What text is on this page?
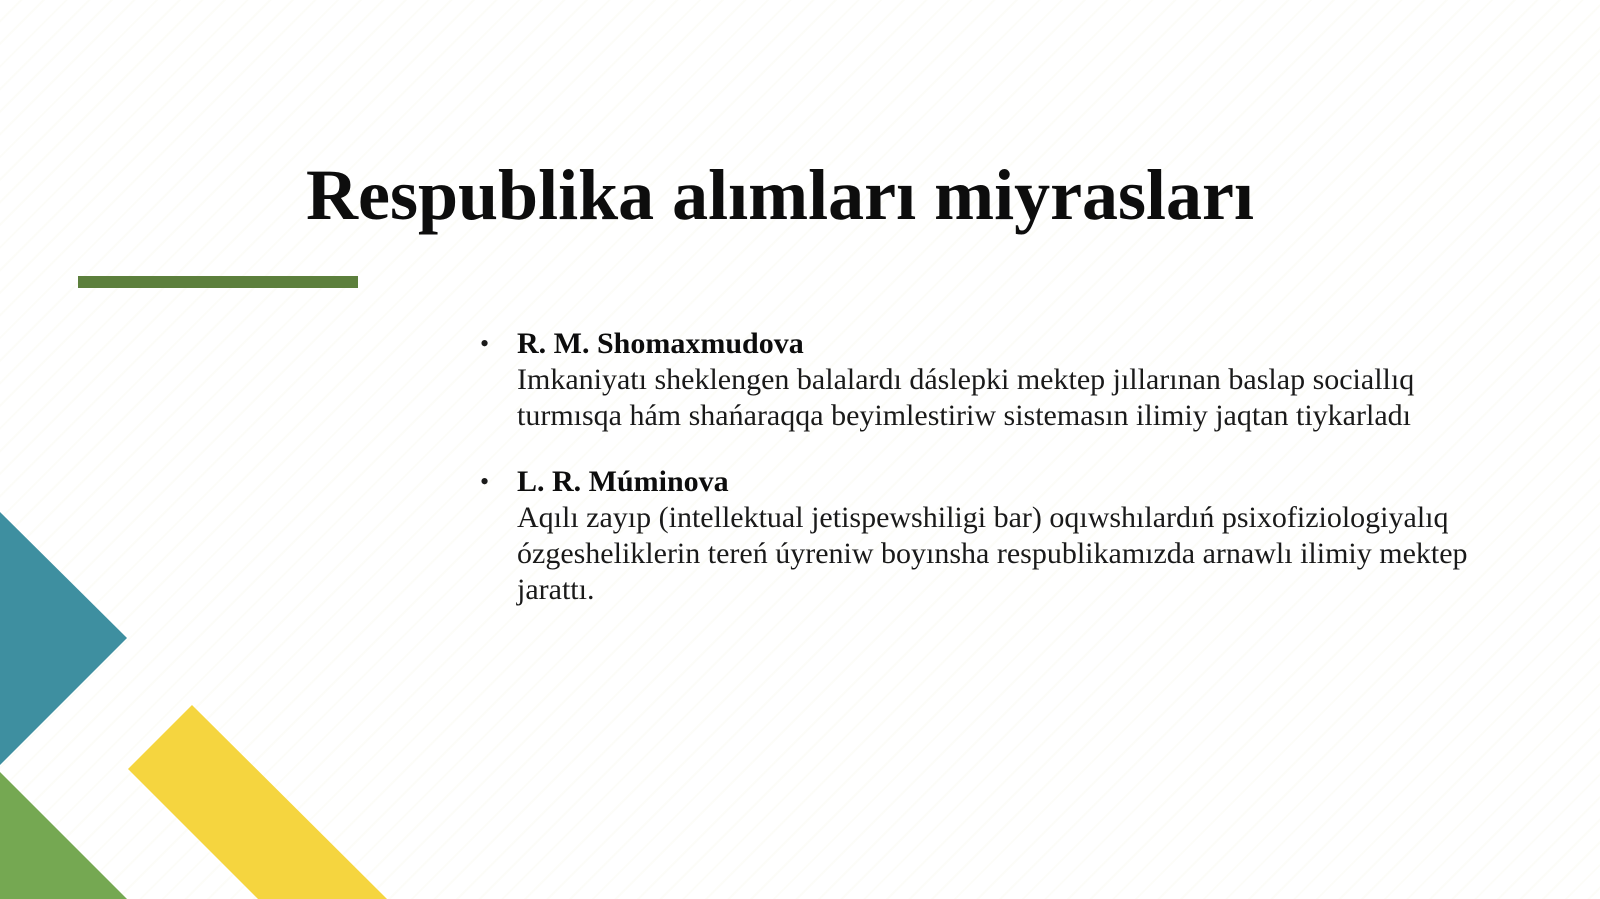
Respublika alımları miyrasları
• R. M. Shomaxmudova
Imkaniyatı sheklengen balalardı dáslepki mektep jıllarınan baslap sociallıq turmısqa hám shańaraqqa beyimlestiriw sistemasın ilimiy jaqtan tiykarladı
• L. R. Múminova
Aqılı zayıp (intellektual jetispewshiligi bar) oqıwshılardıń psixofiziologiyalıq ózgesheliklerin tereń úyreniw boyınsha respublikamızda arnawlı ilimiy mektep jarattı.
